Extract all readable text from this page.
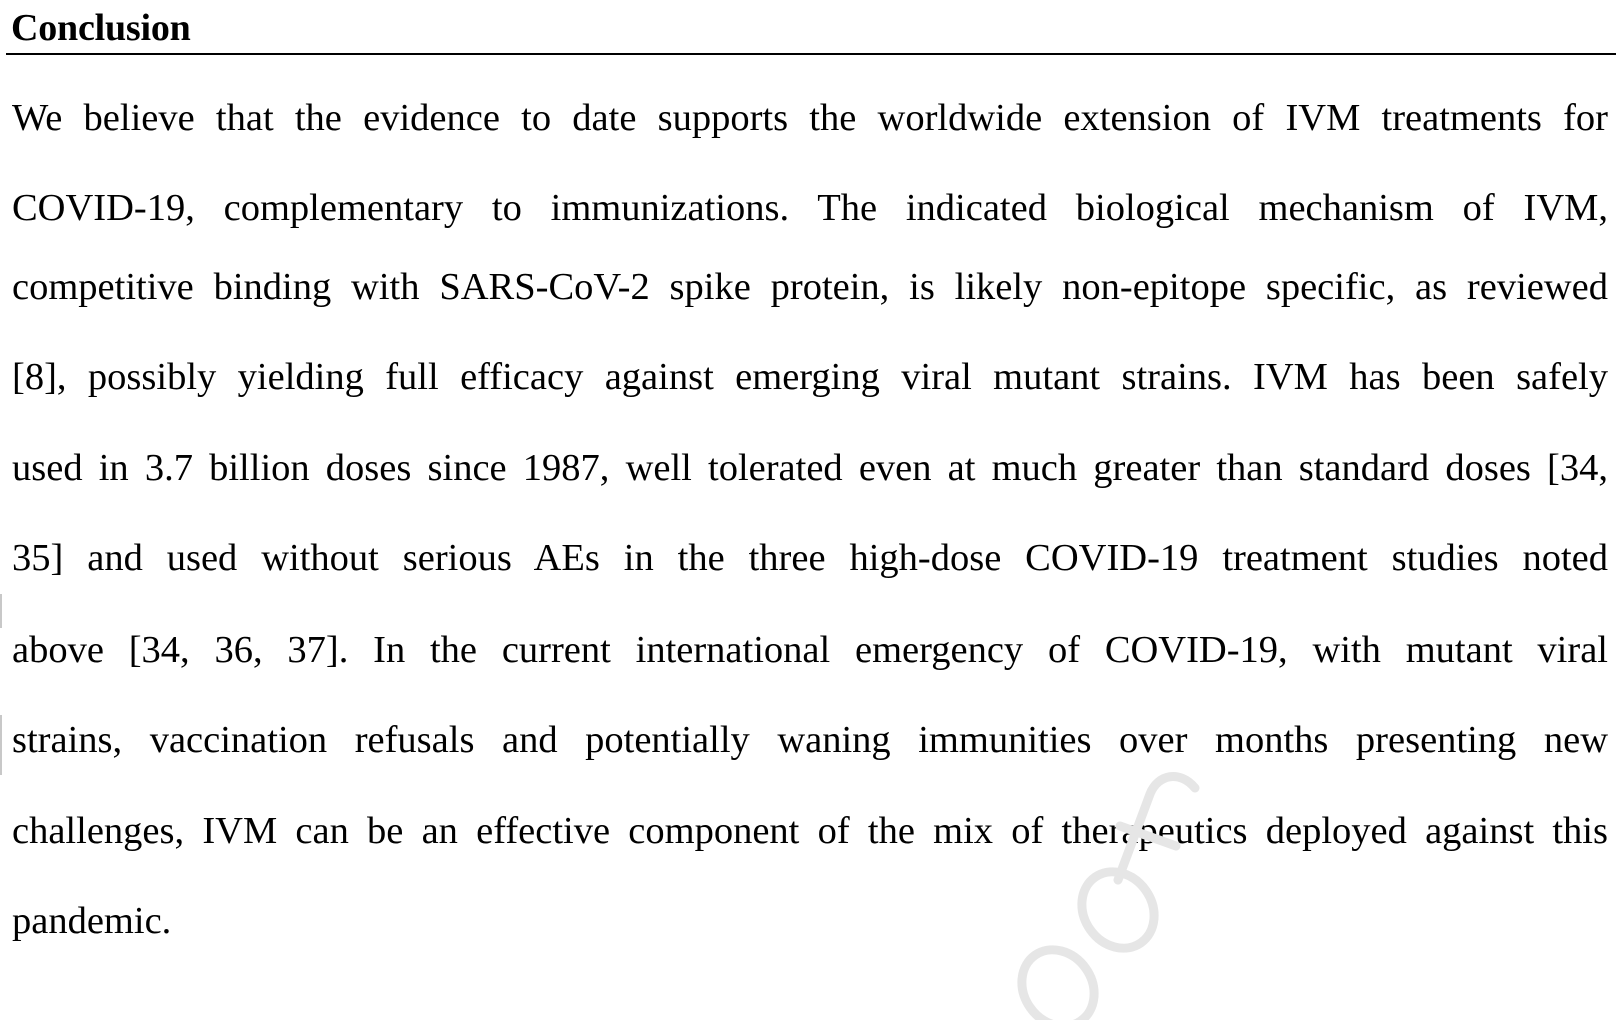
Conclusion

We believe that the evidence to date supports the worldwide extension of IVM treatments for

COVID-19, complementary to immunizations. The indicated biological mechanism of IVM,

competitive binding with SARS-CoV-2 spike protein, is likely non-epitope specific, as reviewed

[8], possibly yielding full efficacy against emerging viral mutant strains. IVM has been safely

used in 3.7 billion doses since 1987, well tolerated even at much greater than standard doses [34,

35] and used without serious AEs in the three high-dose COVID-19 treatment studies noted

above [34, 36, 37]. In the current international emergency of COVID-19, with mutant viral

strains, vaccination refusals and potentially waning immunities over months presenting new

challenges, IVM can be an effective component of the mix of therapeutics deployed against this

pandemic.
